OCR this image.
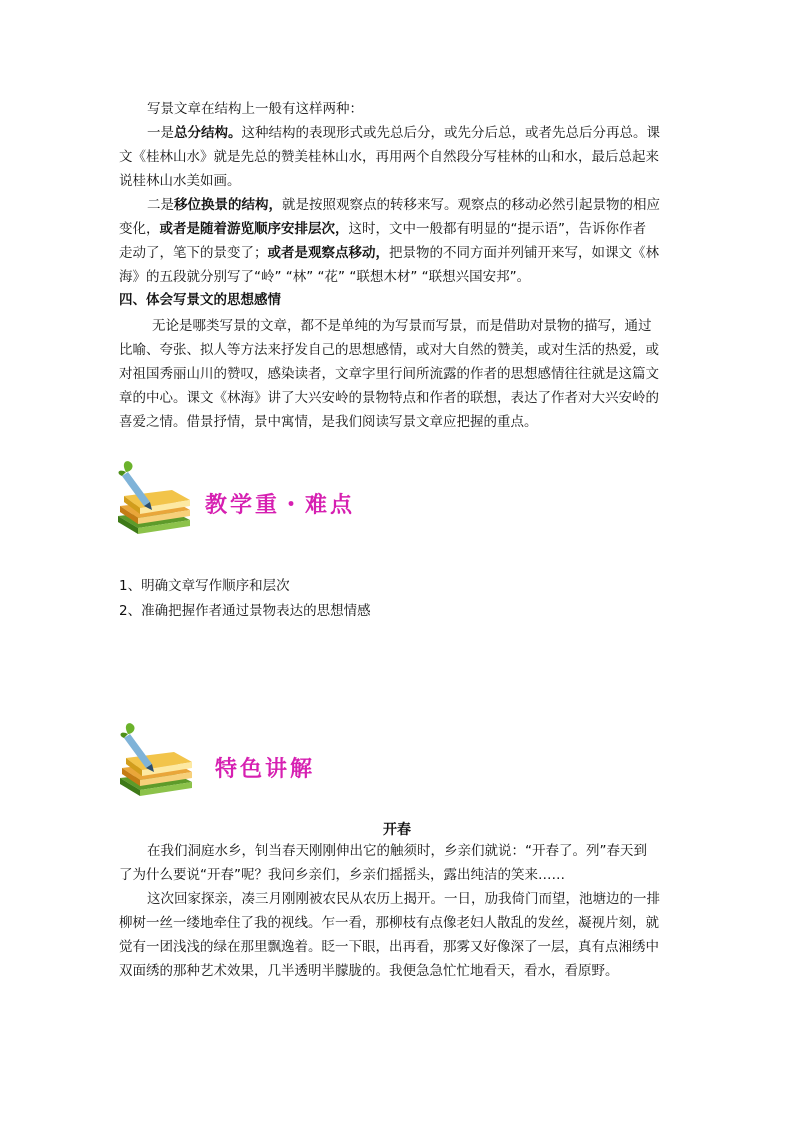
写景文章在结构上一般有这样两种：
一是总分结构。这种结构的表现形式或先总后分，或先分后总，或者先总后分再总。课
文《桂林山水》就是先总的赞美桂林山水，再用两个自然段分写桂林的山和水，最后总起来
说桂林山水美如画。
二是移位换景的结构，就是按照观察点的转移来写。观察点的移动必然引起景物的相应
变化，或者是随着游览顺序安排层次，这时，文中一般都有明显的“提示语”，告诉你作者
走动了，笔下的景变了；或者是观察点移动，把景物的不同方面并列铺开来写，如课文《林
海》的五段就分别写了“岭” “林” “花” “联想木材” “联想兴国安邦”。
四、体会写景文的思想感情
无论是哪类写景的文章，都不是单纯的为写景而写景，而是借助对景物的描写，通过
比喻、夸张、拟人等方法来抒发自己的思想感情，或对大自然的赞美，或对生活的热爱，或
对祖国秀丽山川的赞叹，感染读者，文章字里行间所流露的作者的思想感情往往就是这篇文
章的中心。课文《林海》讲了大兴安岭的景物特点和作者的联想，表达了作者对大兴安岭的
喜爱之情。借景抒情，景中寓情，是我们阅读写景文章应把握的重点。
教学重・难点
1、明确文章写作顺序和层次
2、准确把握作者通过景物表达的思想情感
特色讲解
开春
在我们洞庭水乡，钊当春天刚刚伸出它的触须时，乡亲们就说：“开春了。列”春天到
了为什么要说“开春”呢？我问乡亲们，乡亲们摇摇头，露出纯洁的笑来……
这次回家探亲，凑三月刚刚被农民从农历上揭开。一日，劢我倚门而望，池塘边的一排
柳树一丝一缕地牵住了我的视线。乍一看，那柳枝有点像老妇人散乱的发丝，凝视片刻，就
觉有一团浅浅的绿在那里飘逸着。眨一下眼，出再看，那雾又好像深了一层，真有点湘绣中
双面绣的那种艺术效果，几半透明半朦胧的。我便急急忙忙地看天，看水，看原野。
